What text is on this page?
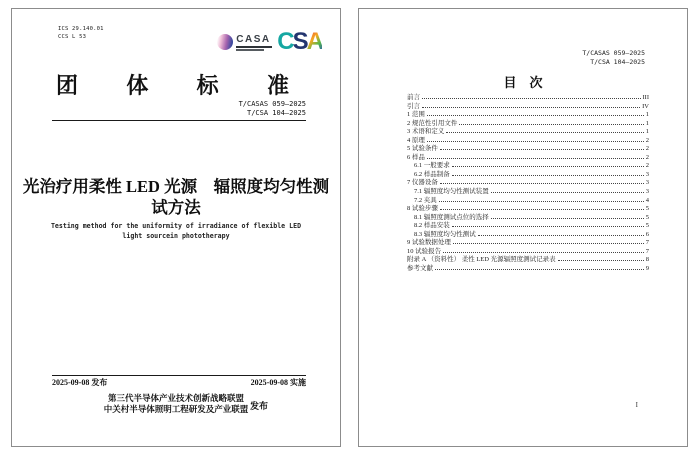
ICS 29.140.01
CCS L 53	CASA CSA
团 体 标 准
T/CASAS 059—2025
T/CSA 104—2025
光治疗用柔性 LED 光源　辐照度均匀性测
试方法
Testing method for the uniformity of irradiance of flexible LED
light sourcein phototherapy
2025-09-08 发布	2025-09-08 实施
第三代半导体产业技术创新战略联盟
中关村半导体照明工程研发及产业联盟 发布
T/CASAS 059—2025
T/CSA 104—2025
目　次
前言	III
引言	IV
1 范围	1
2 规范性引用文件	1
3 术语和定义	1
4 原理	2
5 试验条件	2
6 样品	2
6.1 一般要求	2
6.2 样品制备	3
7 仪器设备	3
7.1 辐照度均匀性测试装置	3
7.2 夹具	4
8 试验步骤	5
8.1 辐照度测试点位的选择	5
8.2 样品安装	5
8.3 辐照度均匀性测试	6
9 试验数据处理	7
10 试验报告	7
附录 A （资料性） 柔性 LED 光源辐照度测试记录表	8
参考文献	9
I
